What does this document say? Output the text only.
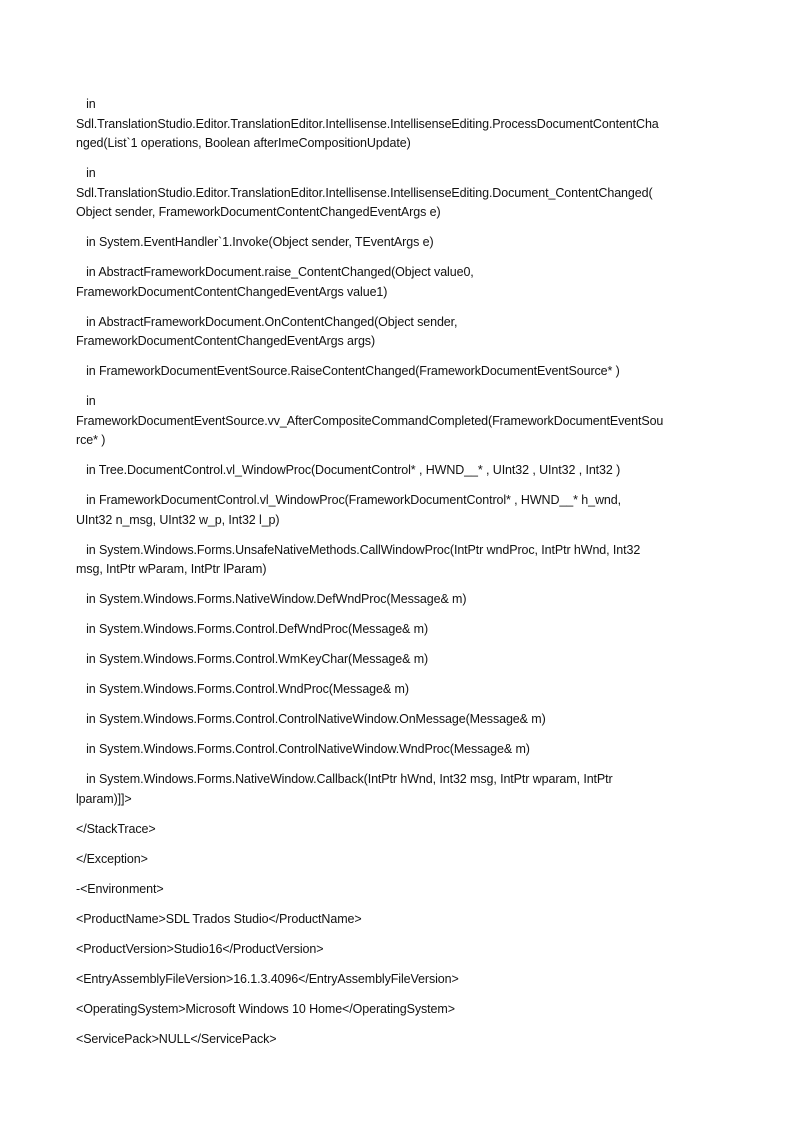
in
Sdl.TranslationStudio.Editor.TranslationEditor.Intellisense.IntellisenseEditing.ProcessDocumentContentCha
nged(List`1 operations, Boolean afterImeCompositionUpdate)

in
Sdl.TranslationStudio.Editor.TranslationEditor.Intellisense.IntellisenseEditing.Document_ContentChanged(
Object sender, FrameworkDocumentContentChangedEventArgs e)

in System.EventHandler`1.Invoke(Object sender, TEventArgs e)

in AbstractFrameworkDocument.raise_ContentChanged(Object value0,
FrameworkDocumentContentChangedEventArgs value1)

in AbstractFrameworkDocument.OnContentChanged(Object sender,
FrameworkDocumentContentChangedEventArgs args)

in FrameworkDocumentEventSource.RaiseContentChanged(FrameworkDocumentEventSource* )

in
FrameworkDocumentEventSource.vv_AfterCompositeCommandCompleted(FrameworkDocumentEventSou
rce* )

in Tree.DocumentControl.vl_WindowProc(DocumentControl* , HWND__* , UInt32 , UInt32 , Int32 )

in FrameworkDocumentControl.vl_WindowProc(FrameworkDocumentControl* , HWND__* h_wnd,
UInt32 n_msg, UInt32 w_p, Int32 l_p)

in System.Windows.Forms.UnsafeNativeMethods.CallWindowProc(IntPtr wndProc, IntPtr hWnd, Int32
msg, IntPtr wParam, IntPtr lParam)

in System.Windows.Forms.NativeWindow.DefWndProc(Message& m)

in System.Windows.Forms.Control.DefWndProc(Message& m)

in System.Windows.Forms.Control.WmKeyChar(Message& m)

in System.Windows.Forms.Control.WndProc(Message& m)

in System.Windows.Forms.Control.ControlNativeWindow.OnMessage(Message& m)

in System.Windows.Forms.Control.ControlNativeWindow.WndProc(Message& m)

in System.Windows.Forms.NativeWindow.Callback(IntPtr hWnd, Int32 msg, IntPtr wparam, IntPtr
lparam)]]>

</StackTrace>

</Exception>

-<Environment>

<ProductName>SDL Trados Studio</ProductName>

<ProductVersion>Studio16</ProductVersion>

<EntryAssemblyFileVersion>16.1.3.4096</EntryAssemblyFileVersion>

<OperatingSystem>Microsoft Windows 10 Home</OperatingSystem>

<ServicePack>NULL</ServicePack>
